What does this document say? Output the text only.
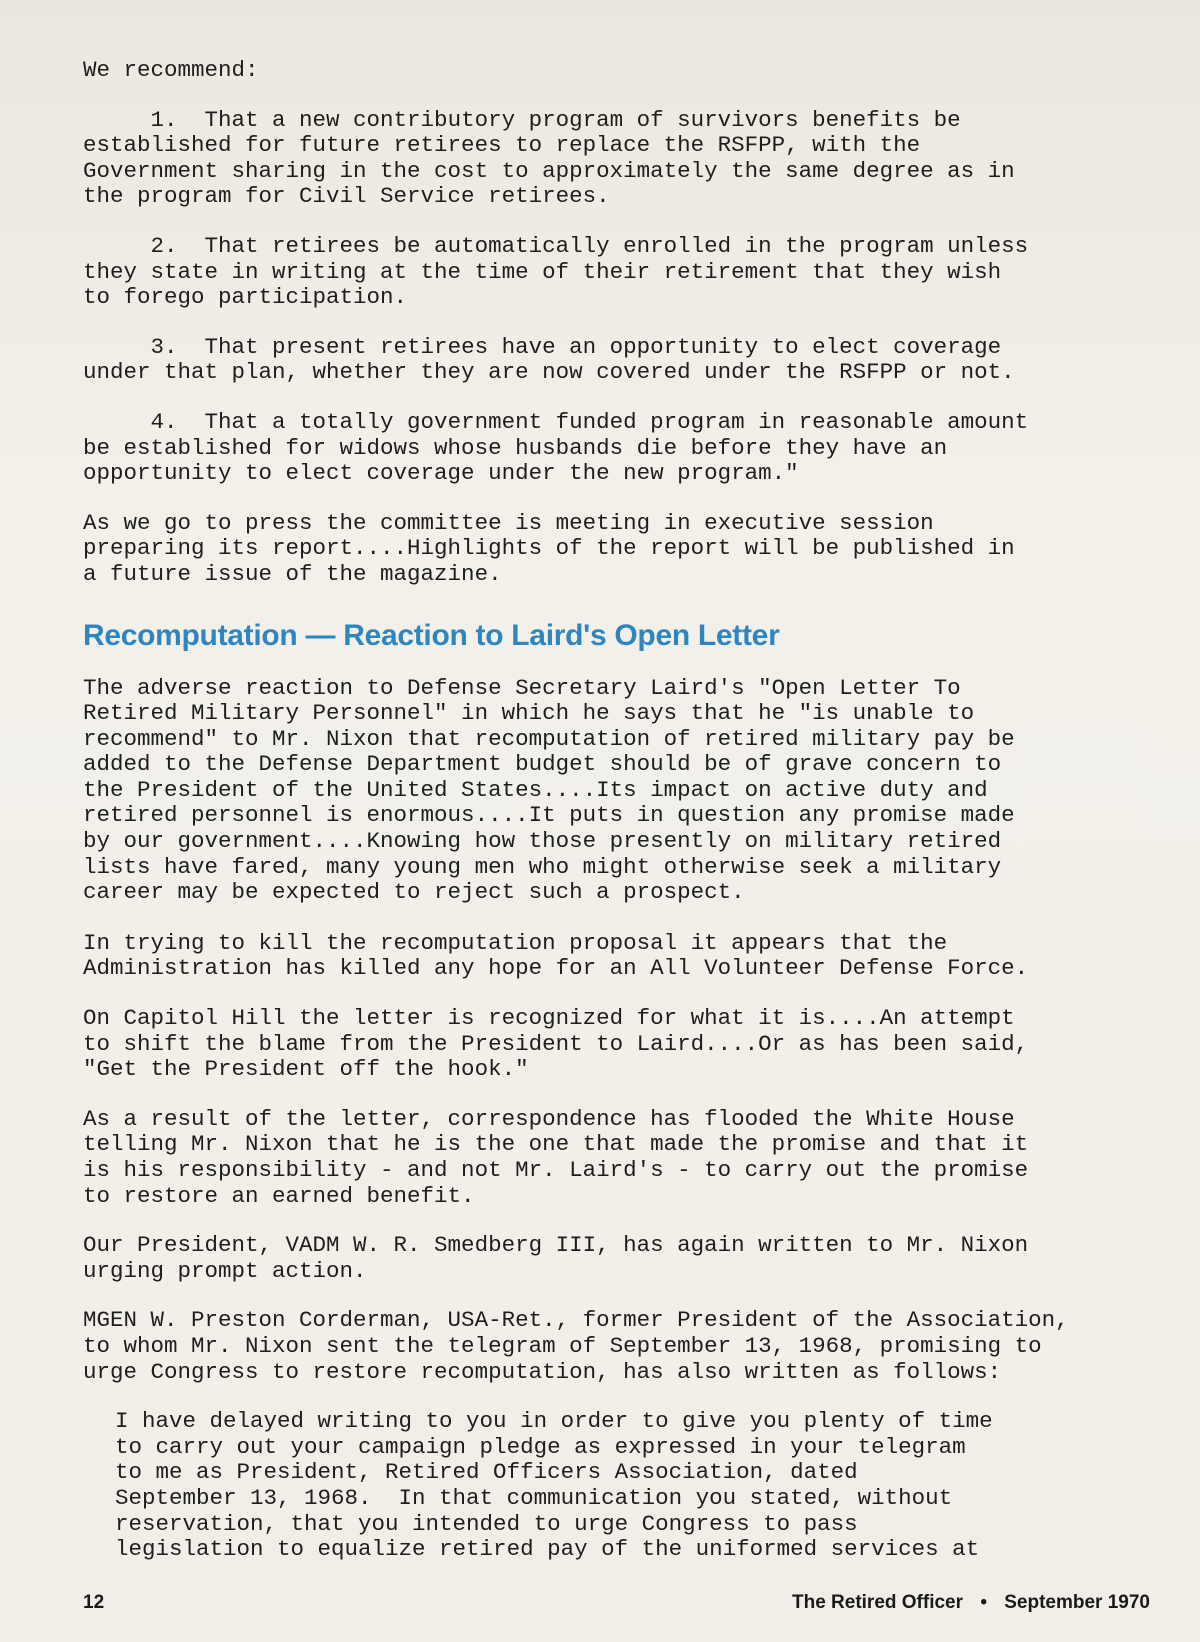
We recommend:

1.  That a new contributory program of survivors benefits be
established for future retirees to replace the RSFPP, with the
Government sharing in the cost to approximately the same degree as in
the program for Civil Service retirees.

2.  That retirees be automatically enrolled in the program unless
they state in writing at the time of their retirement that they wish
to forego participation.

3.  That present retirees have an opportunity to elect coverage
under that plan, whether they are now covered under the RSFPP or not.

4.  That a totally government funded program in reasonable amount
be established for widows whose husbands die before they have an
opportunity to elect coverage under the new program."

As we go to press the committee is meeting in executive session
preparing its report....Highlights of the report will be published in
a future issue of the magazine.

Recomputation — Reaction to Laird's Open Letter

The adverse reaction to Defense Secretary Laird's "Open Letter To
Retired Military Personnel" in which he says that he "is unable to
recommend" to Mr. Nixon that recomputation of retired military pay be
added to the Defense Department budget should be of grave concern to
the President of the United States....Its impact on active duty and
retired personnel is enormous....It puts in question any promise made
by our government....Knowing how those presently on military retired
lists have fared, many young men who might otherwise seek a military
career may be expected to reject such a prospect.

In trying to kill the recomputation proposal it appears that the
Administration has killed any hope for an All Volunteer Defense Force.

On Capitol Hill the letter is recognized for what it is....An attempt
to shift the blame from the President to Laird....Or as has been said,
"Get the President off the hook."

As a result of the letter, correspondence has flooded the White House
telling Mr. Nixon that he is the one that made the promise and that it
is his responsibility - and not Mr. Laird's - to carry out the promise
to restore an earned benefit.

Our President, VADM W. R. Smedberg III, has again written to Mr. Nixon
urging prompt action.

MGEN W. Preston Corderman, USA-Ret., former President of the Association,
to whom Mr. Nixon sent the telegram of September 13, 1968, promising to
urge Congress to restore recomputation, has also written as follows:

I have delayed writing to you in order to give you plenty of time
to carry out your campaign pledge as expressed in your telegram
to me as President, Retired Officers Association, dated
September 13, 1968.  In that communication you stated, without
reservation, that you intended to urge Congress to pass
legislation to equalize retired pay of the uniformed services at

12	The Retired Officer • September 1970
